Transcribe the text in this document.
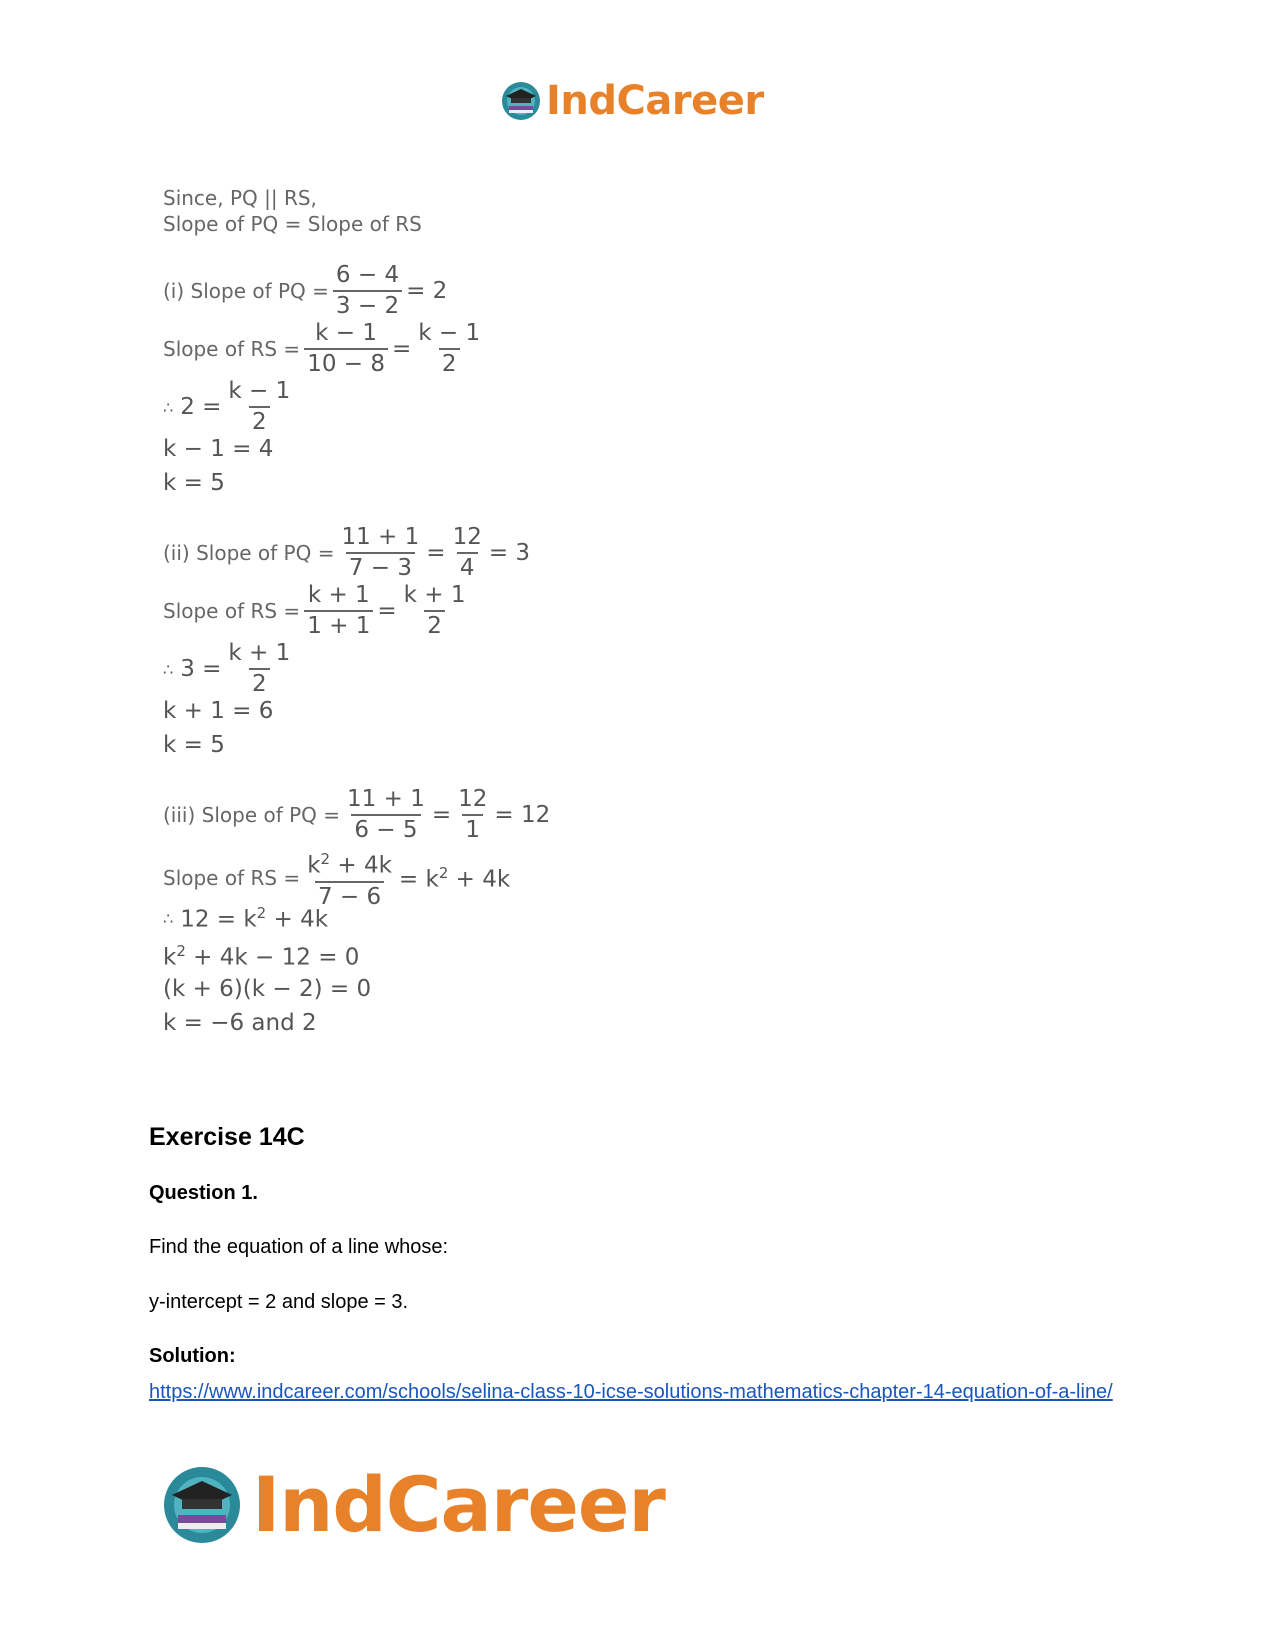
IndCareer
Since, PQ || RS,
Slope of PQ = Slope of RS
(i) Slope of PQ = $\frac{6 - 4}{3 - 2} = 2$
Slope of RS = $\frac{k - 1}{10 - 8} = \frac{k - 1}{2}$
∴ $2 = \frac{k - 1}{2}$
k − 1 = 4
k = 5
(ii) Slope of PQ = $\frac{11 + 1}{7 - 3} = \frac{12}{4} = 3$
Slope of RS = $\frac{k + 1}{1 + 1} = \frac{k + 1}{2}$
∴ $3 = \frac{k + 1}{2}$
k + 1 = 6
k = 5
(iii) Slope of PQ = $\frac{11 + 1}{6 - 5} = \frac{12}{1} = 12$
Slope of RS = $\frac{k^2 + 4k}{7 - 6} = k^2 + 4k$
∴ $12 = k^2 + 4k$
$k^2 + 4k - 12 = 0$
(k + 6)(k − 2) = 0
k = −6 and 2
Exercise 14C
Question 1.
Find the equation of a line whose:
y-intercept = 2 and slope = 3.
Solution:
https://www.indcareer.com/schools/selina-class-10-icse-solutions-mathematics-chapter-14-equation-of-a-line/
IndCareer
